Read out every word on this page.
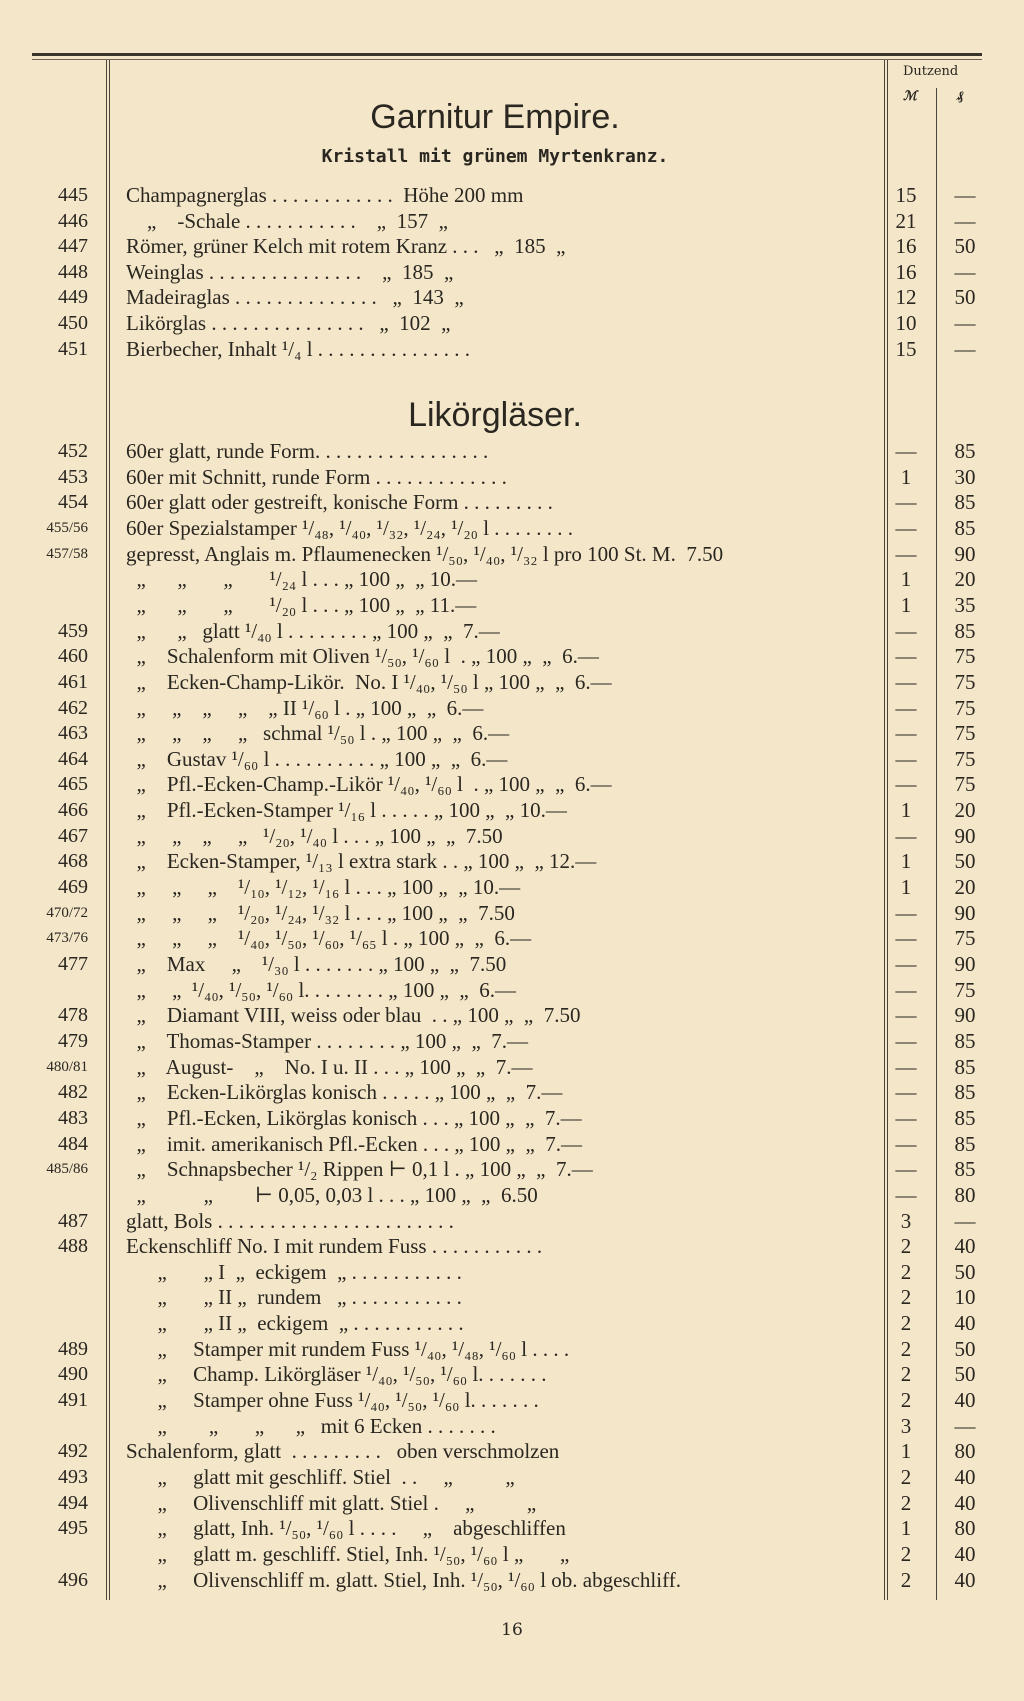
Dutzend
ℳ	₰
Garnitur Empire.
Kristall mit grünem Myrtenkranz.
Likörgläser.
445 Champagnerglas . . . . . . . . . . . .  Höhe 200 mm	15	—
446 „    -Schale . . . . . . . . . . .    „  157  „	21	—
447 Römer, grüner Kelch mit rotem Kranz . . .   „  185  „	16	50
448 Weinglas . . . . . . . . . . . . . . .    „  185  „	16	—
449 Madeiraglas . . . . . . . . . . . . . .   „  143  „	12	50
450 Likörglas . . . . . . . . . . . . . . .   „  102  „	10	—
451 Bierbecher, Inhalt ¹/₄ l . . . . . . . . . . . . . . .	15	—
452 60er glatt, runde Form. . . . . . . . . . . . . . . . .	—	85
453 60er mit Schnitt, runde Form . . . . . . . . . . . . .	1	30
454 60er glatt oder gestreift, konische Form . . . . . . . . .	—	85
455/56 60er Spezialstamper ¹/₄₈, ¹/₄₀, ¹/₃₂, ¹/₂₄, ¹/₂₀ l . . . . . . . .	—	85
457/58 gepresst, Anglais m. Pflaumenecken ¹/₅₀, ¹/₄₀, ¹/₃₂ l pro 100 St. M.  7.50	—	90
„      „       „       ¹/₂₄ l . . . „ 100 „  „ 10.—	1	20
„      „       „       ¹/₂₀ l . . . „ 100 „  „ 11.—	1	35
459 „      „   glatt ¹/₄₀ l . . . . . . . . „ 100 „  „  7.—	—	85
460 „    Schalenform mit Oliven ¹/₅₀, ¹/₆₀ l  . „ 100 „  „  6.—	—	75
461 „    Ecken-Champ-Likör.  No. I ¹/₄₀, ¹/₅₀ l „ 100 „  „  6.—	—	75
462 „     „    „     „    „ II ¹/₆₀ l . „ 100 „  „  6.—	—	75
463 „     „    „     „   schmal ¹/₅₀ l . „ 100 „  „  6.—	—	75
464 „    Gustav ¹/₆₀ l . . . . . . . . . . „ 100 „  „  6.—	—	75
465 „    Pfl.-Ecken-Champ.-Likör ¹/₄₀, ¹/₆₀ l  . „ 100 „  „  6.—	—	75
466 „    Pfl.-Ecken-Stamper ¹/₁₆ l . . . . . „ 100 „  „ 10.—	1	20
467 „     „    „     „   ¹/₂₀, ¹/₄₀ l . . . „ 100 „  „  7.50	—	90
468 „    Ecken-Stamper, ¹/₁₃ l extra stark . . „ 100 „  „ 12.—	1	50
469 „     „     „    ¹/₁₀, ¹/₁₂, ¹/₁₆ l . . . „ 100 „  „ 10.—	1	20
470/72 „     „     „    ¹/₂₀, ¹/₂₄, ¹/₃₂ l . . . „ 100 „  „  7.50	—	90
473/76 „     „     „    ¹/₄₀, ¹/₅₀, ¹/₆₀, ¹/₆₅ l . „ 100 „  „  6.—	—	75
477 „    Max     „    ¹/₃₀ l . . . . . . . „ 100 „  „  7.50	—	90
„     „  ¹/₄₀, ¹/₅₀, ¹/₆₀ l. . . . . . . . „ 100 „  „  6.—	—	75
478 „    Diamant VIII, weiss oder blau  . . „ 100 „  „  7.50	—	90
479 „    Thomas-Stamper . . . . . . . . „ 100 „  „  7.—	—	85
480/81 „    August-    „    No. I u. II . . . „ 100 „  „  7.—	—	85
482 „    Ecken-Likörglas konisch . . . . . „ 100 „  „  7.—	—	85
483 „    Pfl.-Ecken, Likörglas konisch . . . „ 100 „  „  7.—	—	85
484 „    imit. amerikanisch Pfl.-Ecken . . . „ 100 „  „  7.—	—	85
485/86 „    Schnapsbecher ¹/₂ Rippen ⊢ 0,1 l . „ 100 „  „  7.—	—	85
„           „        ⊢ 0,05, 0,03 l . . . „ 100 „  „  6.50	—	80
487 glatt, Bols . . . . . . . . . . . . . . . . . . . . . . .	3	—
488 Eckenschliff No. I mit rundem Fuss . . . . . . . . . . .	2	40
„       „ I  „  eckigem  „ . . . . . . . . . . .	2	50
„       „ II „  rundem   „ . . . . . . . . . . .	2	10
„       „ II „  eckigem  „ . . . . . . . . . . .	2	40
489 „     Stamper mit rundem Fuss ¹/₄₀, ¹/₄₈, ¹/₆₀ l . . . .	2	50
490 „     Champ. Likörgläser ¹/₄₀, ¹/₅₀, ¹/₆₀ l. . . . . . .	2	50
491 „     Stamper ohne Fuss ¹/₄₀, ¹/₅₀, ¹/₆₀ l. . . . . . .	2	40
„        „       „      „   mit 6 Ecken . . . . . . .	3	—
492 Schalenform, glatt  . . . . . . . . .   oben verschmolzen	1	80
493 „     glatt mit geschliff. Stiel  . .     „          „	2	40
494 „     Olivenschliff mit glatt. Stiel .     „          „	2	40
495 „     glatt, Inh. ¹/₅₀, ¹/₆₀ l . . . .     „    abgeschliffen	1	80
„     glatt m. geschliff. Stiel, Inh. ¹/₅₀, ¹/₆₀ l „       „	2	40
496 „     Olivenschliff m. glatt. Stiel, Inh. ¹/₅₀, ¹/₆₀ l ob. abgeschliff.	2	40
16
